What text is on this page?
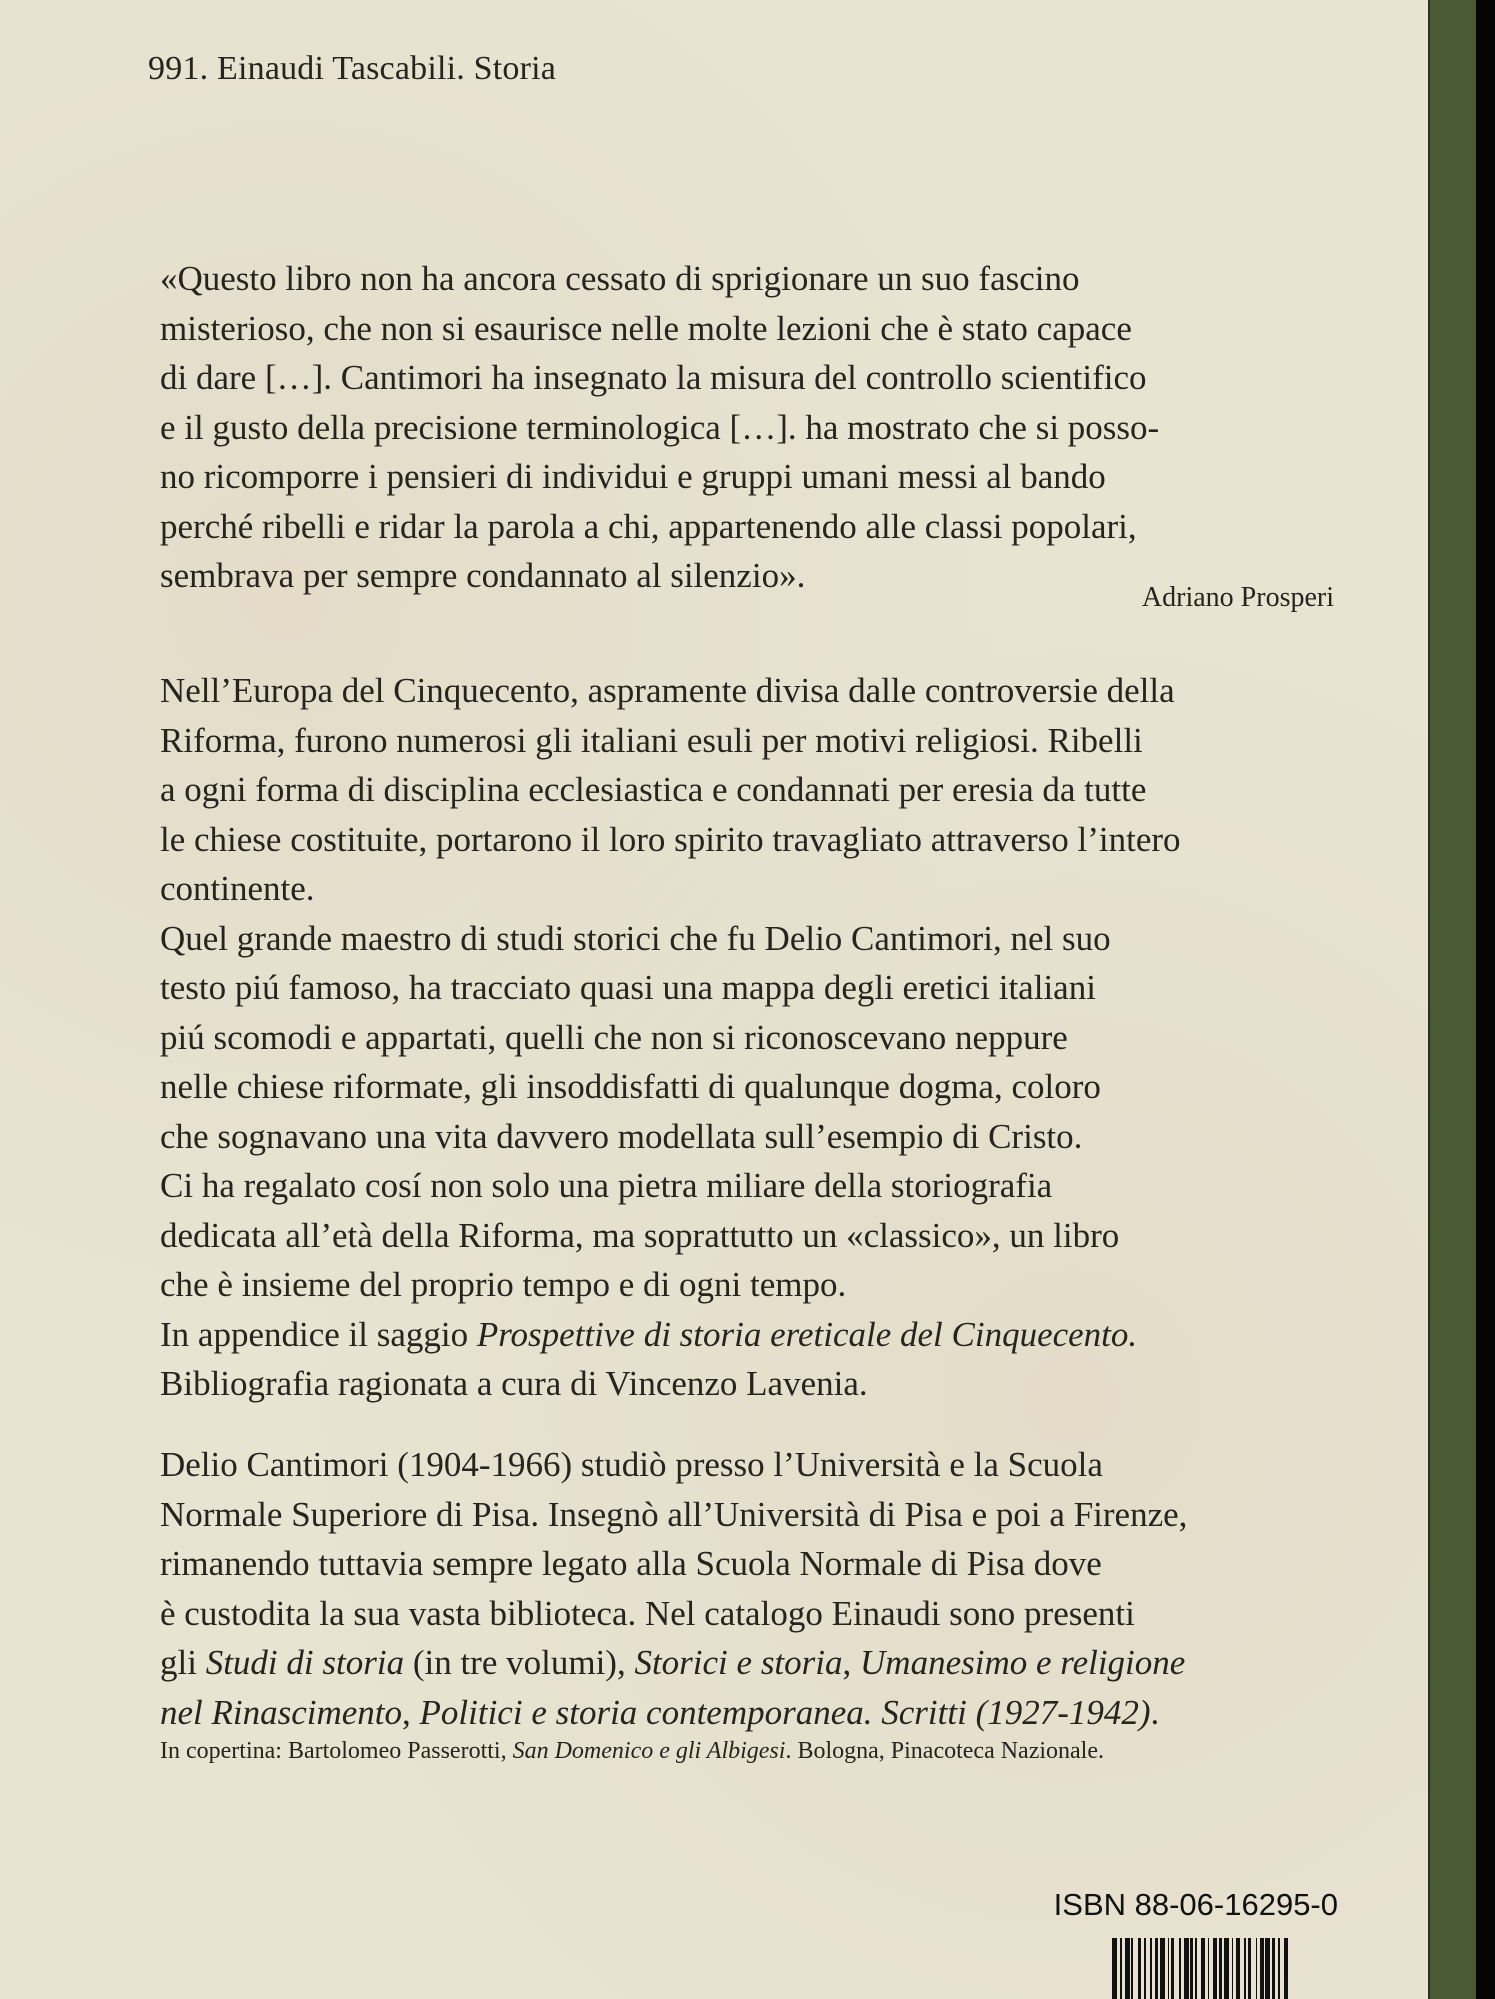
991. Einaudi Tascabili. Storia

«Questo libro non ha ancora cessato di sprigionare un suo fascino

misterioso, che non si esaurisce nelle molte lezioni che è stato capace

di dare […]. Cantimori ha insegnato la misura del controllo scientifico

e il gusto della precisione terminologica […]. ha mostrato che si posso-

no ricomporre i pensieri di individui e gruppi umani messi al bando

perché ribelli e ridar la parola a chi, appartenendo alle classi popolari,

sembrava per sempre condannato al silenzio».

Adriano Prosperi

Nell’Europa del Cinquecento, aspramente divisa dalle controversie della

Riforma, furono numerosi gli italiani esuli per motivi religiosi. Ribelli

a ogni forma di disciplina ecclesiastica e condannati per eresia da tutte

le chiese costituite, portarono il loro spirito travagliato attraverso l’intero

continente.

Quel grande maestro di studi storici che fu Delio Cantimori, nel suo

testo piú famoso, ha tracciato quasi una mappa degli eretici italiani

piú scomodi e appartati, quelli che non si riconoscevano neppure

nelle chiese riformate, gli insoddisfatti di qualunque dogma, coloro

che sognavano una vita davvero modellata sull’esempio di Cristo.

Ci ha regalato cosí non solo una pietra miliare della storiografia

dedicata all’età della Riforma, ma soprattutto un «classico», un libro

che è insieme del proprio tempo e di ogni tempo.

In appendice il saggio Prospettive di storia ereticale del Cinquecento.

Bibliografia ragionata a cura di Vincenzo Lavenia.

Delio Cantimori (1904-1966) studiò presso l’Università e la Scuola

Normale Superiore di Pisa. Insegnò all’Università di Pisa e poi a Firenze,

rimanendo tuttavia sempre legato alla Scuola Normale di Pisa dove

è custodita la sua vasta biblioteca. Nel catalogo Einaudi sono presenti

gli Studi di storia (in tre volumi), Storici e storia, Umanesimo e religione

nel Rinascimento, Politici e storia contemporanea. Scritti (1927-1942).

In copertina: Bartolomeo Passerotti, San Domenico e gli Albigesi. Bologna, Pinacoteca Nazionale.
ISBN 88-06-16295-0
